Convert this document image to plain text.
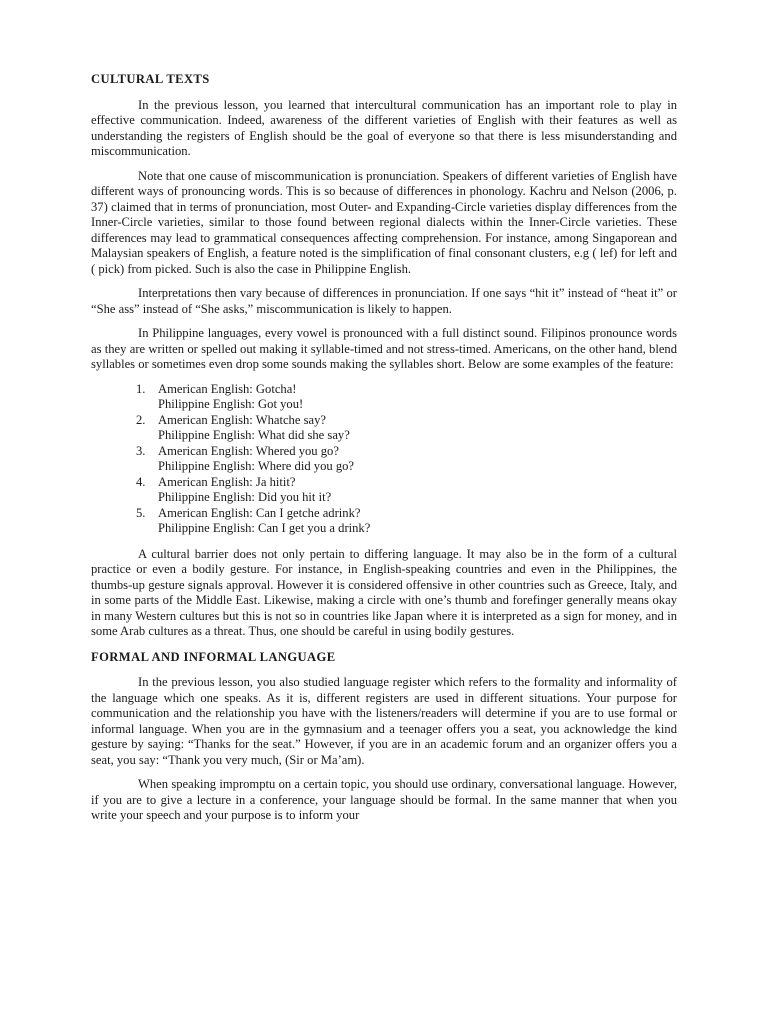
CULTURAL TEXTS

In the previous lesson, you learned that intercultural communication has an important role to play in effective communication. Indeed, awareness of the different varieties of English with their features as well as understanding the registers of English should be the goal of everyone so that there is less misunderstanding and miscommunication.

Note that one cause of miscommunication is pronunciation. Speakers of different varieties of English have different ways of pronouncing words. This is so because of differences in phonology. Kachru and Nelson (2006, p. 37) claimed that in terms of pronunciation, most Outer- and Expanding-Circle varieties display differences from the Inner-Circle varieties, similar to those found between regional dialects within the Inner-Circle varieties. These differences may lead to grammatical consequences affecting comprehension. For instance, among Singaporean and Malaysian speakers of English, a feature noted is the simplification of final consonant clusters, e.g ( lef) for left and ( pick) from picked. Such is also the case in Philippine English.

Interpretations then vary because of differences in pronunciation. If one says “hit it” instead of “heat it” or “She ass” instead of “She asks,” miscommunication is likely to happen.

In Philippine languages, every vowel is pronounced with a full distinct sound. Filipinos pronounce words as they are written or spelled out making it syllable-timed and not stress-timed. Americans, on the other hand, blend syllables or sometimes even drop some sounds making the syllables short. Below are some examples of the feature:

1. American English: Gotcha!
Philippine English: Got you!
2. American English: Whatche say?
Philippine English: What did she say?
3. American English: Whered you go?
Philippine English: Where did you go?
4. American English: Ja hitit?
Philippine English: Did you hit it?
5. American English: Can I getche adrink?
Philippine English: Can I get you a drink?

A cultural barrier does not only pertain to differing language. It may also be in the form of a cultural practice or even a bodily gesture. For instance, in English-speaking countries and even in the Philippines, the thumbs-up gesture signals approval. However it is considered offensive in other countries such as Greece, Italy, and in some parts of the Middle East. Likewise, making a circle with one’s thumb and forefinger generally means okay in many Western cultures but this is not so in countries like Japan where it is interpreted as a sign for money, and in some Arab cultures as a threat. Thus, one should be careful in using bodily gestures.

FORMAL AND INFORMAL LANGUAGE

In the previous lesson, you also studied language register which refers to the formality and informality of the language which one speaks. As it is, different registers are used in different situations. Your purpose for communication and the relationship you have with the listeners/readers will determine if you are to use formal or informal language. When you are in the gymnasium and a teenager offers you a seat, you acknowledge the kind gesture by saying: “Thanks for the seat.” However, if you are in an academic forum and an organizer offers you a seat, you say: “Thank you very much, (Sir or Ma’am).

When speaking impromptu on a certain topic, you should use ordinary, conversational language. However, if you are to give a lecture in a conference, your language should be formal. In the same manner that when you write your speech and your purpose is to inform your
